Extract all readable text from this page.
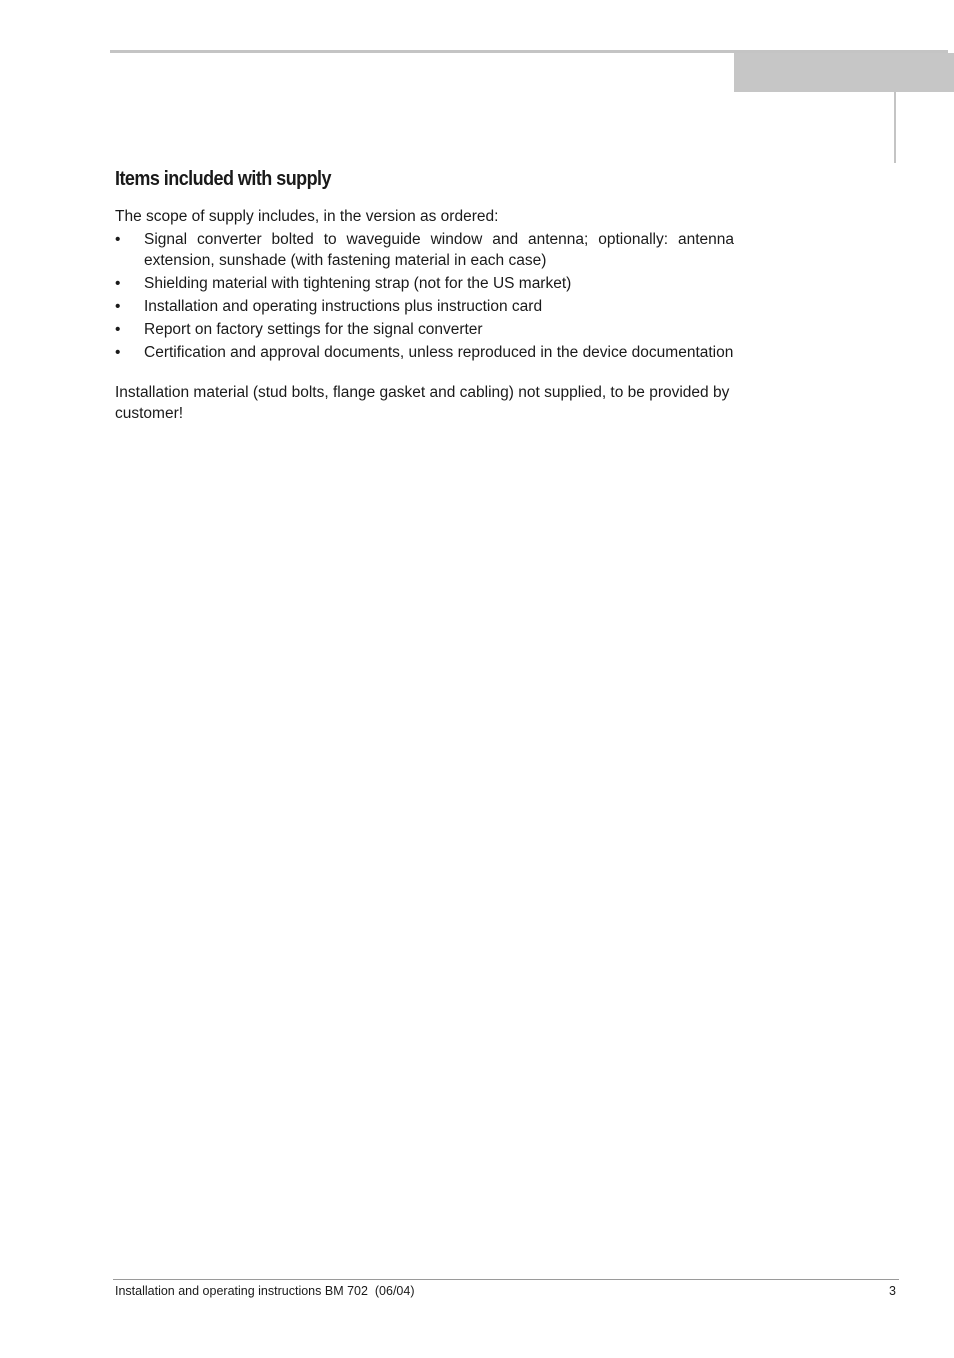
Items included with supply
The scope of supply includes, in the version as ordered:
• Signal converter bolted to waveguide window and antenna; optionally: antenna extension, sunshade (with fastening material in each case)
• Shielding material with tightening strap (not for the US market)
• Installation and operating instructions plus instruction card
• Report on factory settings for the signal converter
• Certification and approval documents, unless reproduced in the device documentation
Installation material (stud bolts, flange gasket and cabling) not supplied, to be provided by customer!
Installation and operating instructions BM 702  (06/04)	3
